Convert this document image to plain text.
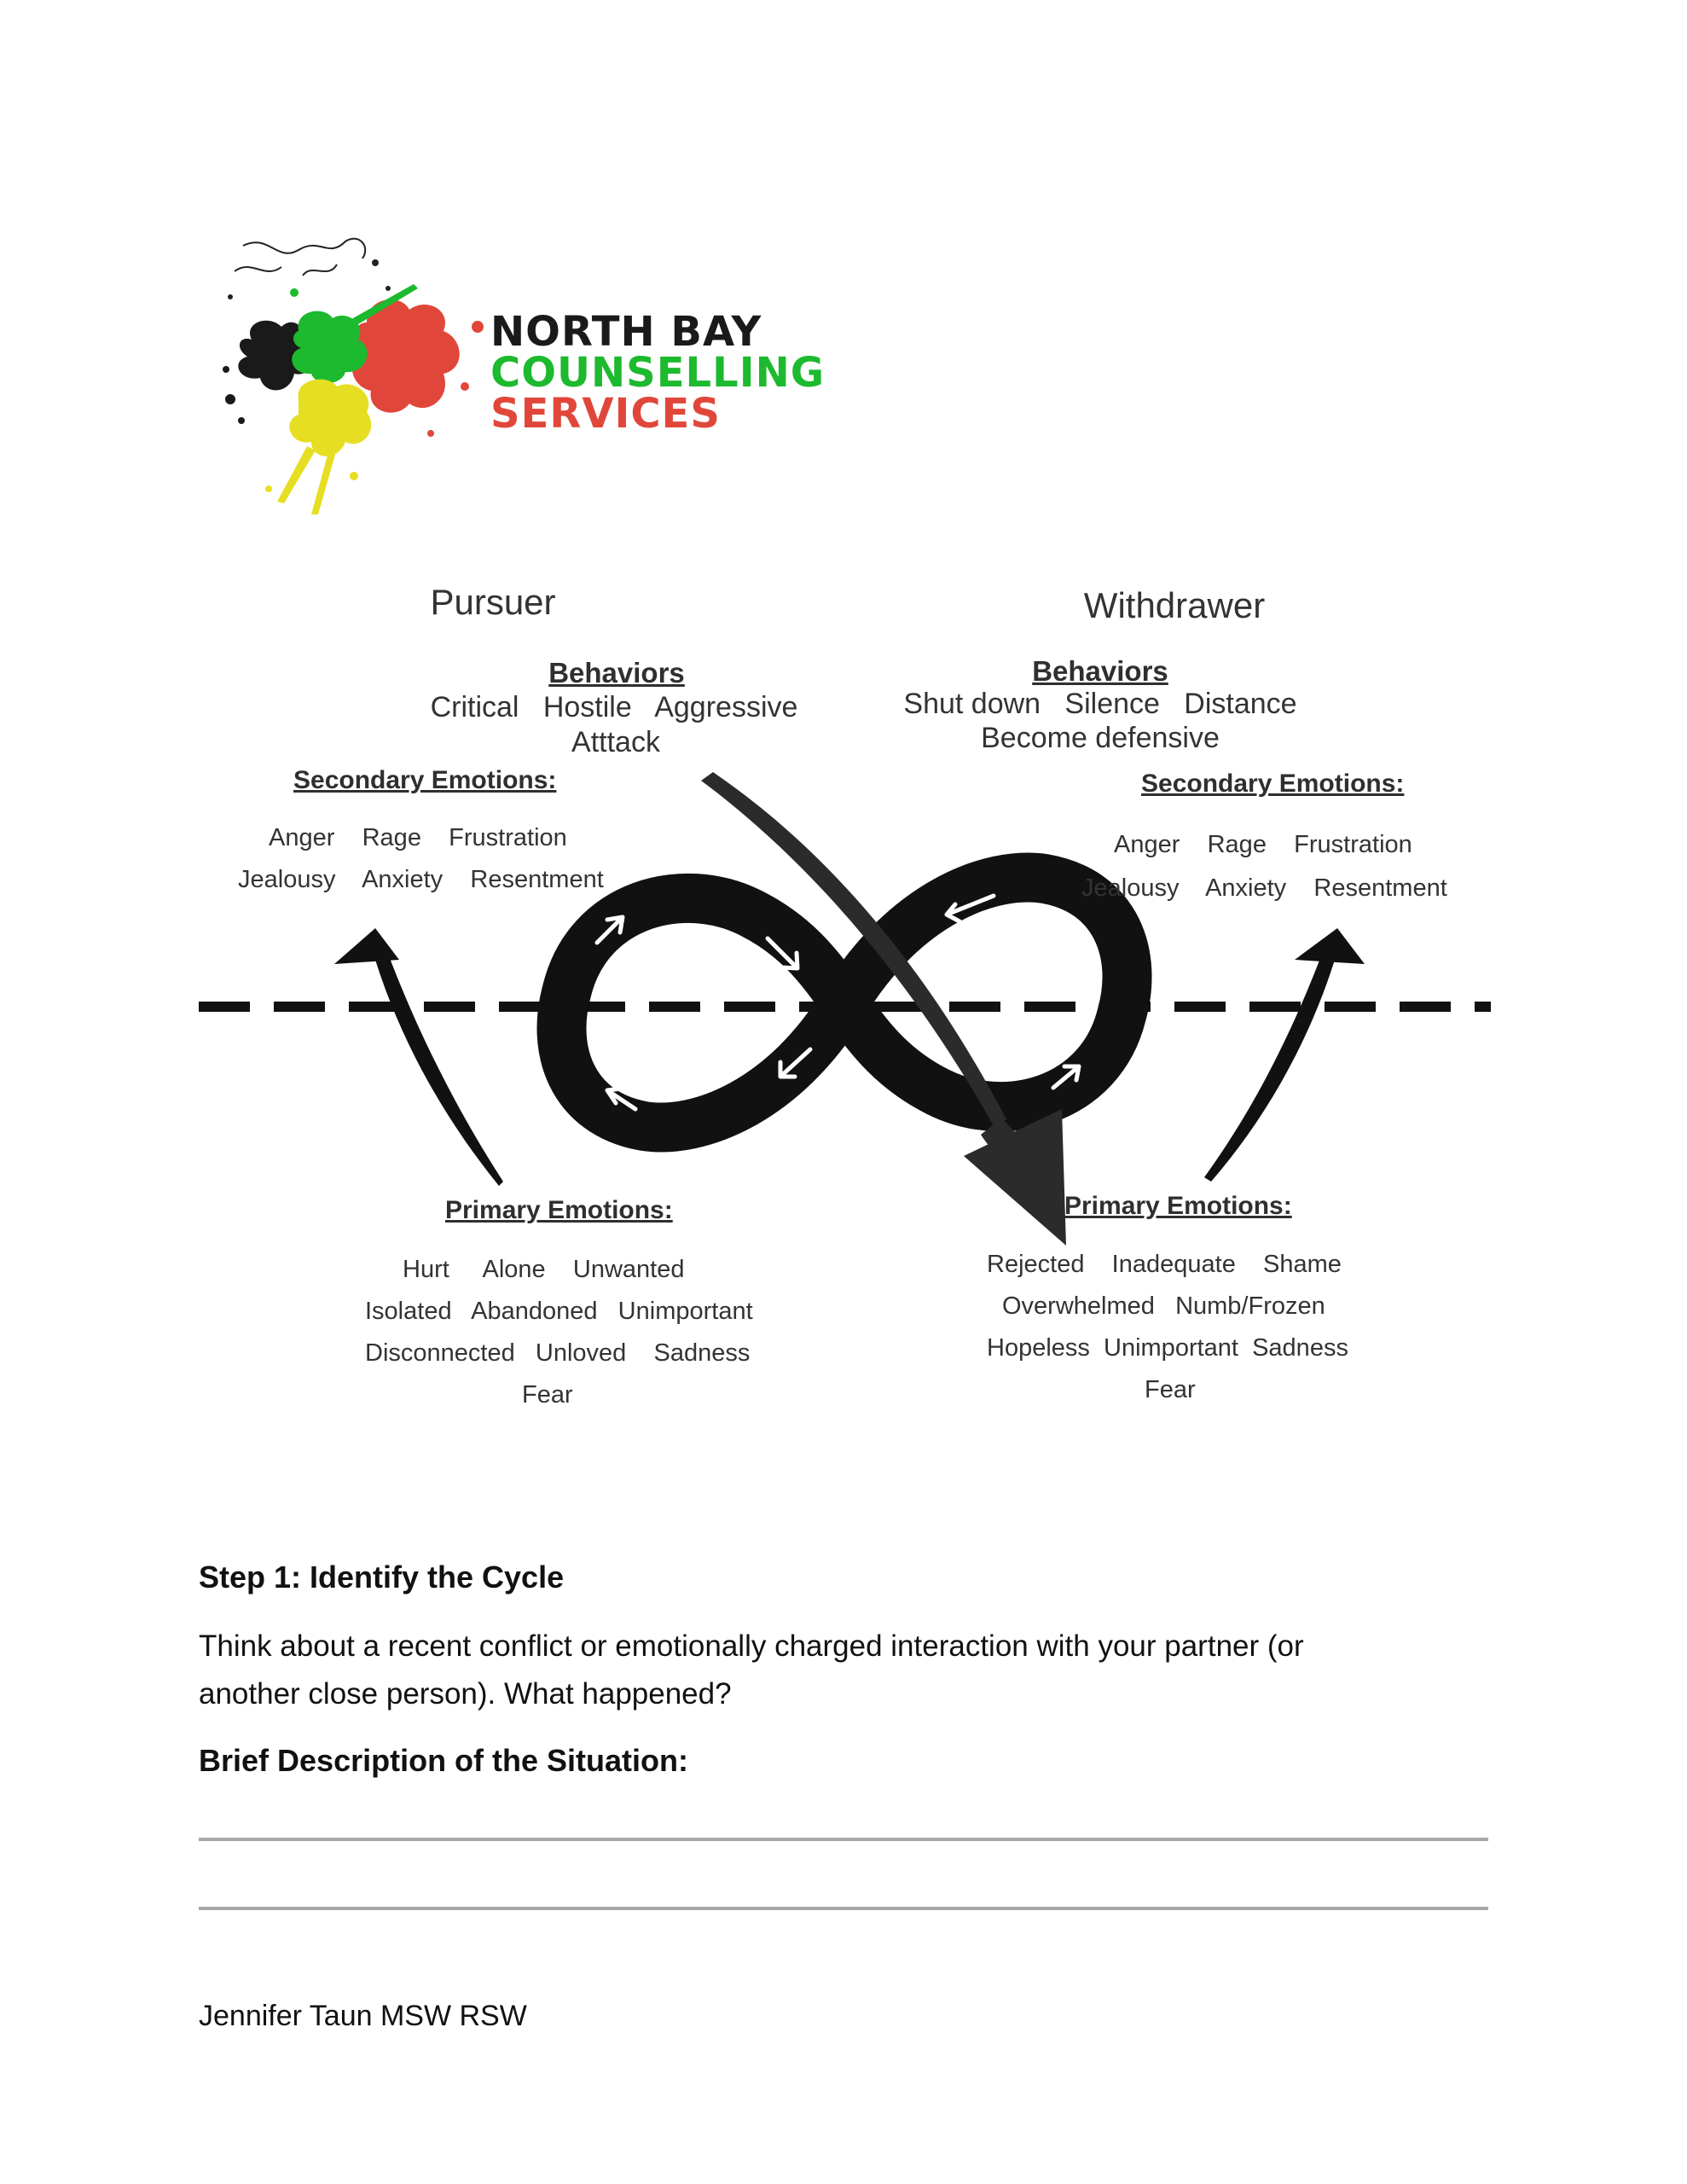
NORTH BAY
COUNSELLING
SERVICES
Pursuer
Behaviors
Critical   Hostile   Aggressive
Atttack
Secondary Emotions:
Anger    Rage    Frustration
Jealousy    Anxiety    Resentment
Primary Emotions:
Hurt     Alone    Unwanted
Isolated   Abandoned   Unimportant
Disconnected   Unloved    Sadness
Fear
Withdrawer
Behaviors
Shut down   Silence   Distance
Become defensive
Secondary Emotions:
Anger    Rage    Frustration
Jealousy    Anxiety    Resentment
Primary Emotions:
Rejected    Inadequate    Shame
Overwhelmed   Numb/Frozen
Hopeless  Unimportant  Sadness
Fear
Step 1: Identify the Cycle
Think about a recent conflict or emotionally charged interaction with your partner (or
another close person). What happened?
Brief Description of the Situation:
Jennifer Taun MSW RSW
